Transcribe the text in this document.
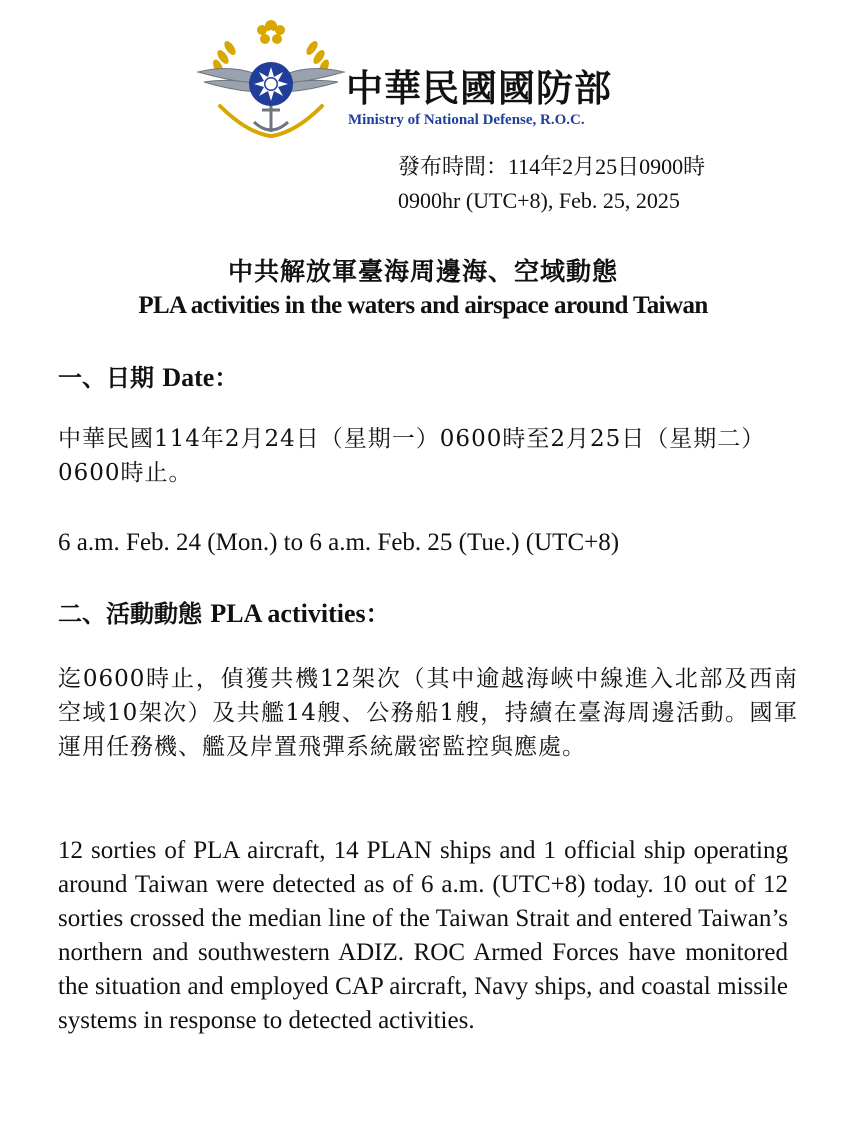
中華民國國防部
Ministry of National Defense, R.O.C.
發布時間：114年2月25日0900時
0900hr (UTC+8), Feb. 25, 2025
中共解放軍臺海周邊海、空域動態
PLA activities in the waters and airspace around Taiwan
一、日期 Date：
中華民國114年2月24日（星期一）0600時至2月25日（星期二）0600時止。
6 a.m. Feb. 24 (Mon.) to 6 a.m. Feb. 25 (Tue.) (UTC+8)
二、活動動態 PLA activities：
迄0600時止，偵獲共機12架次（其中逾越海峽中線進入北部及西南空域10架次）及共艦14艘、公務船1艘，持續在臺海周邊活動。國軍運用任務機、艦及岸置飛彈系統嚴密監控與應處。
12 sorties of PLA aircraft, 14 PLAN ships and 1 official ship operating around Taiwan were detected as of 6 a.m. (UTC+8) today. 10 out of 12 sorties crossed the median line of the Taiwan Strait and entered Taiwan’s northern and southwestern ADIZ. ROC Armed Forces have monitored the situation and employed CAP aircraft, Navy ships, and coastal missile systems in response to detected activities.
